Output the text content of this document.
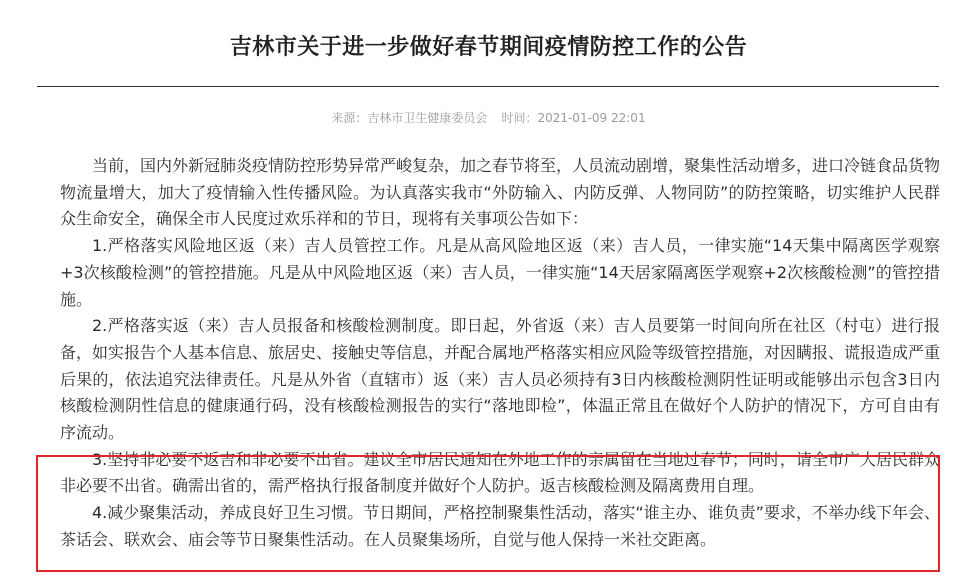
吉林市关于进一步做好春节期间疫情防控工作的公告
来源：吉林市卫生健康委员会 时间：2021-01-09 22:01

当前，国内外新冠肺炎疫情防控形势异常严峻复杂，加之春节将至，人员流动剧增，聚集性活动增多，进口冷链食品货物物流量增大，加大了疫情输入性传播风险。为认真落实我市“外防输入、内防反弹、人物同防”的防控策略，切实维护人民群众生命安全，确保全市人民度过欢乐祥和的节日，现将有关事项公告如下：

1.严格落实风险地区返（来）吉人员管控工作。凡是从高风险地区返（来）吉人员，一律实施“14天集中隔离医学观察+3次核酸检测”的管控措施。凡是从中风险地区返（来）吉人员，一律实施“14天居家隔离医学观察+2次核酸检测”的管控措施。

2.严格落实返（来）吉人员报备和核酸检测制度。即日起，外省返（来）吉人员要第一时间向所在社区（村屯）进行报备，如实报告个人基本信息、旅居史、接触史等信息，并配合属地严格落实相应风险等级管控措施，对因瞒报、谎报造成严重后果的，依法追究法律责任。凡是从外省（直辖市）返（来）吉人员必须持有3日内核酸检测阴性证明或能够出示包含3日内核酸检测阴性信息的健康通行码，没有核酸检测报告的实行“落地即检”，体温正常且在做好个人防护的情况下，方可自由有序流动。

3.坚持非必要不返吉和非必要不出省。建议全市居民通知在外地工作的亲属留在当地过春节；同时，请全市广大居民群众非必要不出省。确需出省的，需严格执行报备制度并做好个人防护。返吉核酸检测及隔离费用自理。

4.减少聚集活动，养成良好卫生习惯。节日期间，严格控制聚集性活动，落实“谁主办、谁负责”要求，不举办线下年会、茶话会、联欢会、庙会等节日聚集性活动。在人员聚集场所，自觉与他人保持一米社交距离。
